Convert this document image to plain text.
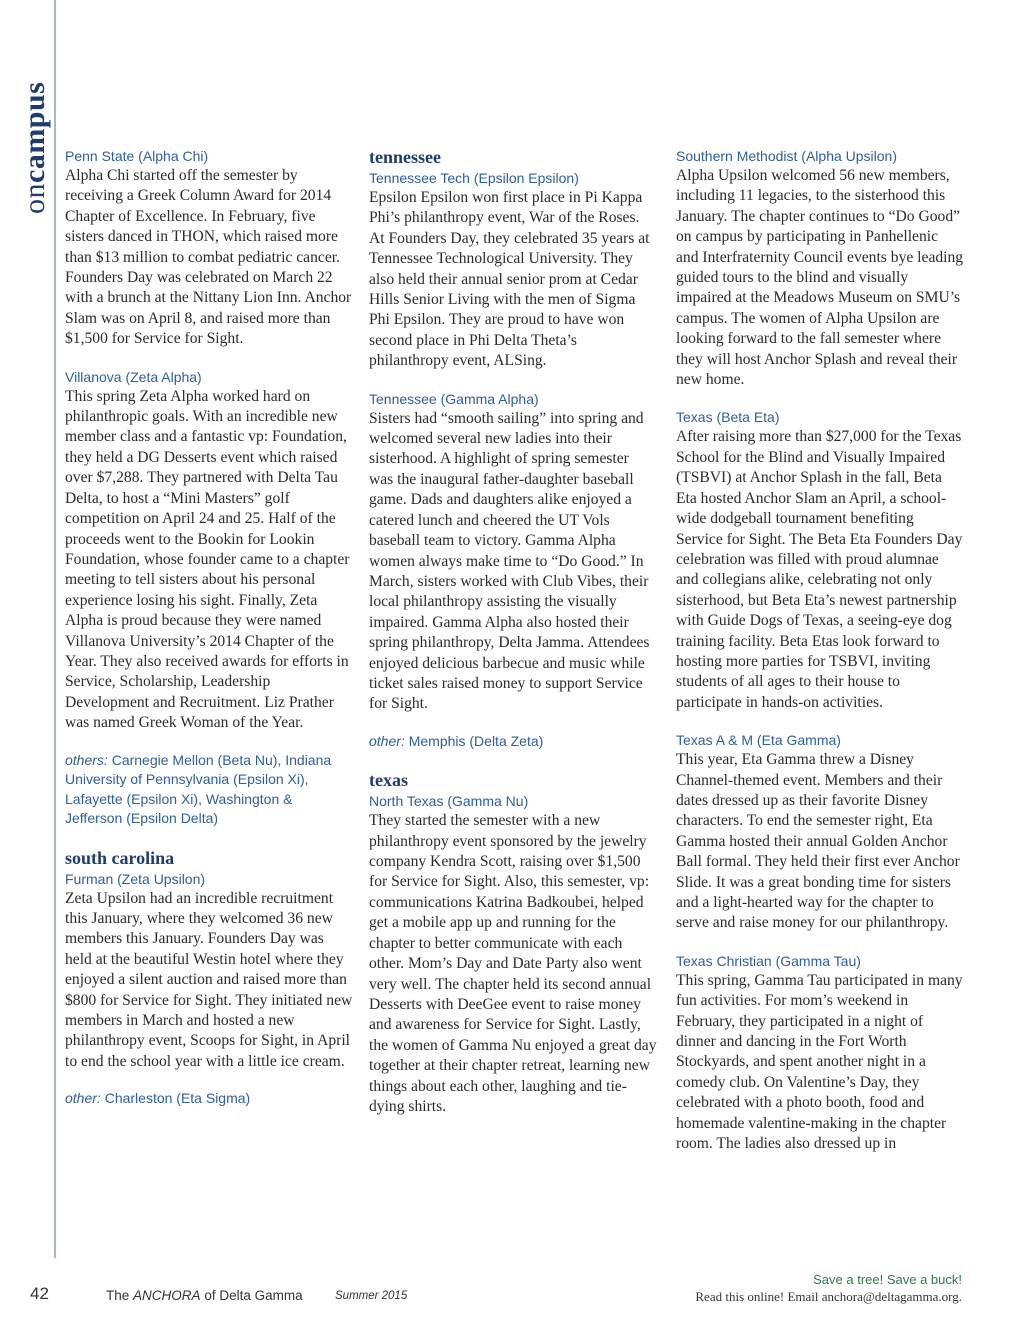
oncampus Penn State (Alpha Chi)

Alpha Chi started off the semester by receiving a Greek Column Award for 2014 Chapter of Excellence. In February, five sisters danced in THON, which raised more than $13 million to combat pediatric cancer. Founders Day was celebrated on March 22 with a brunch at the Nittany Lion Inn. Anchor Slam was on April 8, and raised more than $1,500 for Service for Sight.

Villanova (Zeta Alpha)

This spring Zeta Alpha worked hard on philanthropic goals. With an incredible new member class and a fantastic vp: Foundation, they held a DG Desserts event which raised over $7,288. They partnered with Delta Tau Delta, to host a “Mini Masters” golf competition on April 24 and 25. Half of the proceeds went to the Bookin for Lookin Foundation, whose founder came to a chapter meeting to tell sisters about his personal experience losing his sight. Finally, Zeta Alpha is proud because they were named Villanova University’s 2014 Chapter of the Year. They also received awards for efforts in Service, Scholarship, Leadership Development and Recruitment. Liz Prather was named Greek Woman of the Year.

others: Carnegie Mellon (Beta Nu), Indiana University of Pennsylvania (Epsilon Xi), Lafayette (Epsilon Xi), Washington & Jefferson (Epsilon Delta)

south carolina

Furman (Zeta Upsilon)

Zeta Upsilon had an incredible recruitment this January, where they welcomed 36 new members this January. Founders Day was held at the beautiful Westin hotel where they enjoyed a silent auction and raised more than $800 for Service for Sight. They initiated new members in March and hosted a new philanthropy event, Scoops for Sight, in April to end the school year with a little ice cream.

other: Charleston (Eta Sigma)

tennessee

Tennessee Tech (Epsilon Epsilon)

Epsilon Epsilon won first place in Pi Kappa Phi’s philanthropy event, War of the Roses. At Founders Day, they celebrated 35 years at Tennessee Technological University. They also held their annual senior prom at Cedar Hills Senior Living with the men of Sigma Phi Epsilon. They are proud to have won second place in Phi Delta Theta’s philanthropy event, ALSing.

Tennessee (Gamma Alpha)

Sisters had “smooth sailing” into spring and welcomed several new ladies into their sisterhood. A highlight of spring semester was the inaugural father-daughter baseball game. Dads and daughters alike enjoyed a catered lunch and cheered the UT Vols baseball team to victory. Gamma Alpha women always make time to “Do Good.” In March, sisters worked with Club Vibes, their local philanthropy assisting the visually impaired. Gamma Alpha also hosted their spring philanthropy, Delta Jamma. Attendees enjoyed delicious barbecue and music while ticket sales raised money to support Service for Sight.

other: Memphis (Delta Zeta)

texas

North Texas (Gamma Nu)

They started the semester with a new philanthropy event sponsored by the jewelry company Kendra Scott, raising over $1,500 for Service for Sight. Also, this semester, vp: communications Katrina Badkoubei, helped get a mobile app up and running for the chapter to better communicate with each other. Mom’s Day and Date Party also went very well. The chapter held its second annual Desserts with DeeGee event to raise money and awareness for Service for Sight. Lastly, the women of Gamma Nu enjoyed a great day together at their chapter retreat, learning new things about each other, laughing and tie-dying shirts.

Southern Methodist (Alpha Upsilon)

Alpha Upsilon welcomed 56 new members, including 11 legacies, to the sisterhood this January. The chapter continues to “Do Good” on campus by participating in Panhellenic and Interfraternity Council events bye leading guided tours to the blind and visually impaired at the Meadows Museum on SMU’s campus. The women of Alpha Upsilon are looking forward to the fall semester where they will host Anchor Splash and reveal their new home.

Texas (Beta Eta)

After raising more than $27,000 for the Texas School for the Blind and Visually Impaired (TSBVI) at Anchor Splash in the fall, Beta Eta hosted Anchor Slam an April, a school-wide dodgeball tournament benefiting Service for Sight. The Beta Eta Founders Day celebration was filled with proud alumnae and collegians alike, celebrating not only sisterhood, but Beta Eta’s newest partnership with Guide Dogs of Texas, a seeing-eye dog training facility. Beta Etas look forward to hosting more parties for TSBVI, inviting students of all ages to their house to participate in hands-on activities.

Texas A & M (Eta Gamma)

This year, Eta Gamma threw a Disney Channel-themed event. Members and their dates dressed up as their favorite Disney characters. To end the semester right, Eta Gamma hosted their annual Golden Anchor Ball formal. They held their first ever Anchor Slide. It was a great bonding time for sisters and a light-hearted way for the chapter to serve and raise money for our philanthropy.

Texas Christian (Gamma Tau)

This spring, Gamma Tau participated in many fun activities. For mom’s weekend in February, they participated in a night of dinner and dancing in the Fort Worth Stockyards, and spent another night in a comedy club. On Valentine’s Day, they celebrated with a photo booth, food and homemade valentine-making in the chapter room. The ladies also dressed up in

42	The ANCHORA of Delta Gamma	Summer 2015
Save a tree! Save a buck!
Read this online! Email anchora@deltagamma.org.
